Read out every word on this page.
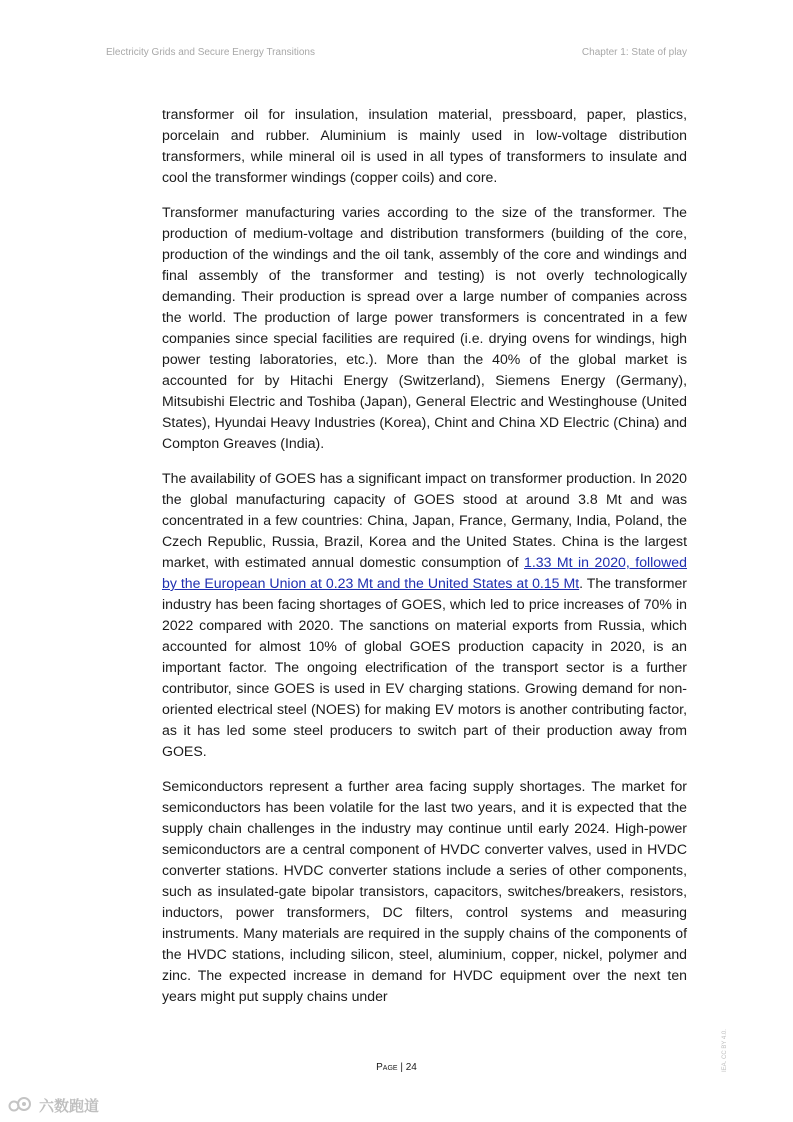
Electricity Grids and Secure Energy Transitions	Chapter 1: State of play

transformer oil for insulation, insulation material, pressboard, paper, plastics, porcelain and rubber. Aluminium is mainly used in low-voltage distribution transformers, while mineral oil is used in all types of transformers to insulate and cool the transformer windings (copper coils) and core.

Transformer manufacturing varies according to the size of the transformer. The production of medium-voltage and distribution transformers (building of the core, production of the windings and the oil tank, assembly of the core and windings and final assembly of the transformer and testing) is not overly technologically demanding. Their production is spread over a large number of companies across the world. The production of large power transformers is concentrated in a few companies since special facilities are required (i.e. drying ovens for windings, high power testing laboratories, etc.). More than the 40% of the global market is accounted for by Hitachi Energy (Switzerland), Siemens Energy (Germany), Mitsubishi Electric and Toshiba (Japan), General Electric and Westinghouse (United States), Hyundai Heavy Industries (Korea), Chint and China XD Electric (China) and Compton Greaves (India).

The availability of GOES has a significant impact on transformer production. In 2020 the global manufacturing capacity of GOES stood at around 3.8 Mt and was concentrated in a few countries: China, Japan, France, Germany, India, Poland, the Czech Republic, Russia, Brazil, Korea and the United States. China is the largest market, with estimated annual domestic consumption of 1.33 Mt in 2020, followed by the European Union at 0.23 Mt and the United States at 0.15 Mt. The transformer industry has been facing shortages of GOES, which led to price increases of 70% in 2022 compared with 2020. The sanctions on material exports from Russia, which accounted for almost 10% of global GOES production capacity in 2020, is an important factor. The ongoing electrification of the transport sector is a further contributor, since GOES is used in EV charging stations. Growing demand for non-oriented electrical steel (NOES) for making EV motors is another contributing factor, as it has led some steel producers to switch part of their production away from GOES.

Semiconductors represent a further area facing supply shortages. The market for semiconductors has been volatile for the last two years, and it is expected that the supply chain challenges in the industry may continue until early 2024. High-power semiconductors are a central component of HVDC converter valves, used in HVDC converter stations. HVDC converter stations include a series of other components, such as insulated-gate bipolar transistors, capacitors, switches/breakers, resistors, inductors, power transformers, DC filters, control systems and measuring instruments. Many materials are required in the supply chains of the components of the HVDC stations, including silicon, steel, aluminium, copper, nickel, polymer and zinc. The expected increase in demand for HVDC equipment over the next ten years might put supply chains under

Page | 24	IEA. CC BY 4.0.
六数跑道
